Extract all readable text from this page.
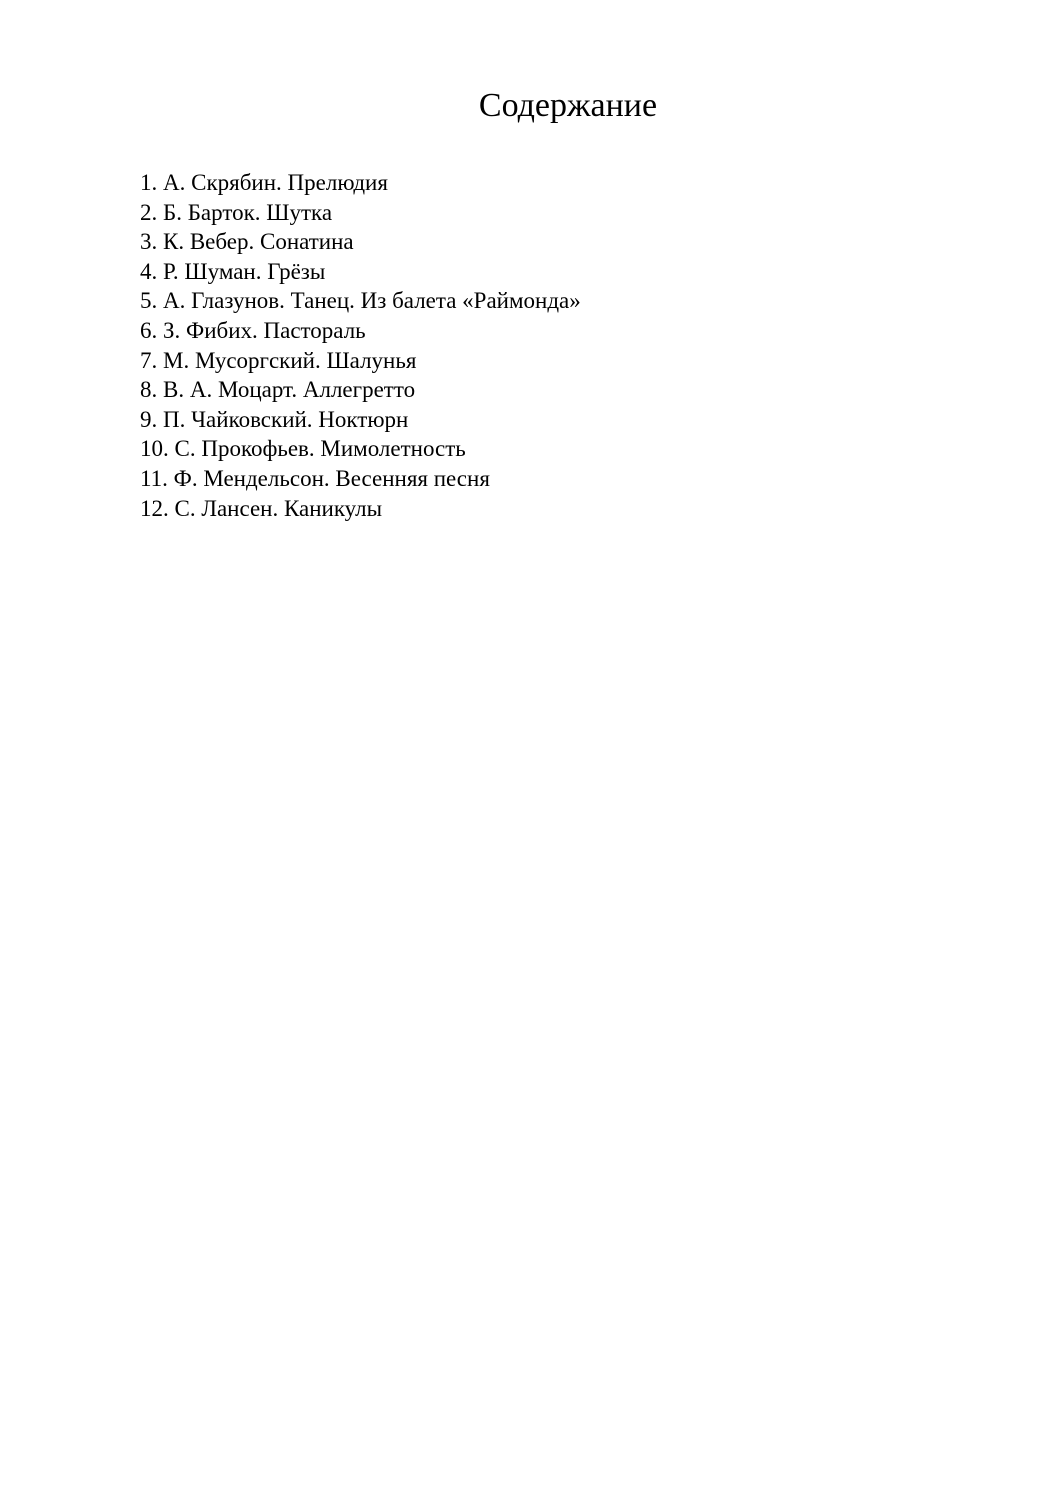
Содержание
1. А. Скрябин. Прелюдия
2. Б. Барток. Шутка
3. К. Вебер. Сонатина
4. Р. Шуман. Грёзы
5. А. Глазунов. Танец. Из балета «Раймонда»
6. З. Фибих. Пастораль
7. М. Мусоргский. Шалунья
8. В. А. Моцарт. Аллегретто
9. П. Чайковский. Ноктюрн
10. С. Прокофьев. Мимолетность
11. Ф. Мендельсон. Весенняя песня
12. С. Лансен. Каникулы
